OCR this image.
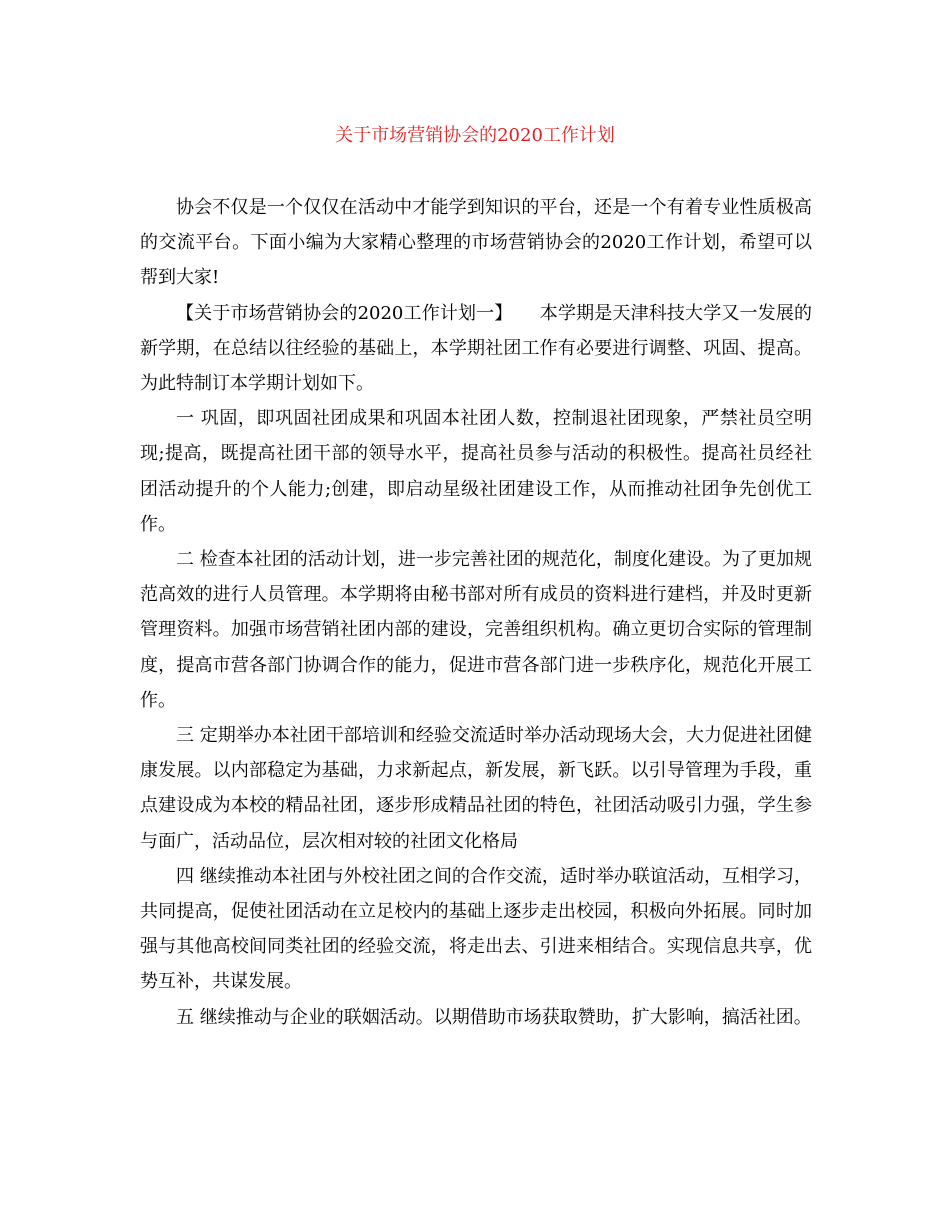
关于市场营销协会的2020工作计划

协会不仅是一个仅仅在活动中才能学到知识的平台，还是一个有着专业性质极高的交流平台。下面小编为大家精心整理的市场营销协会的2020工作计划，希望可以帮到大家!

【关于市场营销协会的2020工作计划一】　　本学期是天津科技大学又一发展的新学期，在总结以往经验的基础上，本学期社团工作有必要进行调整、巩固、提高。为此特制订本学期计划如下。

一 巩固，即巩固社团成果和巩固本社团人数，控制退社团现象，严禁社员空明现;提高，既提高社团干部的领导水平，提高社员参与活动的积极性。提高社员经社团活动提升的个人能力;创建，即启动星级社团建设工作，从而推动社团争先创优工作。

二 检查本社团的活动计划，进一步完善社团的规范化，制度化建设。为了更加规范高效的进行人员管理。本学期将由秘书部对所有成员的资料进行建档，并及时更新管理资料。加强市场营销社团内部的建设，完善组织机构。确立更切合实际的管理制度，提高市营各部门协调合作的能力，促进市营各部门进一步秩序化，规范化开展工作。

三 定期举办本社团干部培训和经验交流适时举办活动现场大会，大力促进社团健康发展。以内部稳定为基础，力求新起点，新发展，新飞跃。以引导管理为手段，重点建设成为本校的精品社团，逐步形成精品社团的特色，社团活动吸引力强，学生参与面广，活动品位，层次相对较的社团文化格局

四 继续推动本社团与外校社团之间的合作交流，适时举办联谊活动，互相学习，共同提高，促使社团活动在立足校内的基础上逐步走出校园，积极向外拓展。同时加强与其他高校间同类社团的经验交流，将走出去、引进来相结合。实现信息共享，优势互补，共谋发展。

五 继续推动与企业的联姻活动。以期借助市场获取赞助，扩大影响，搞活社团。
